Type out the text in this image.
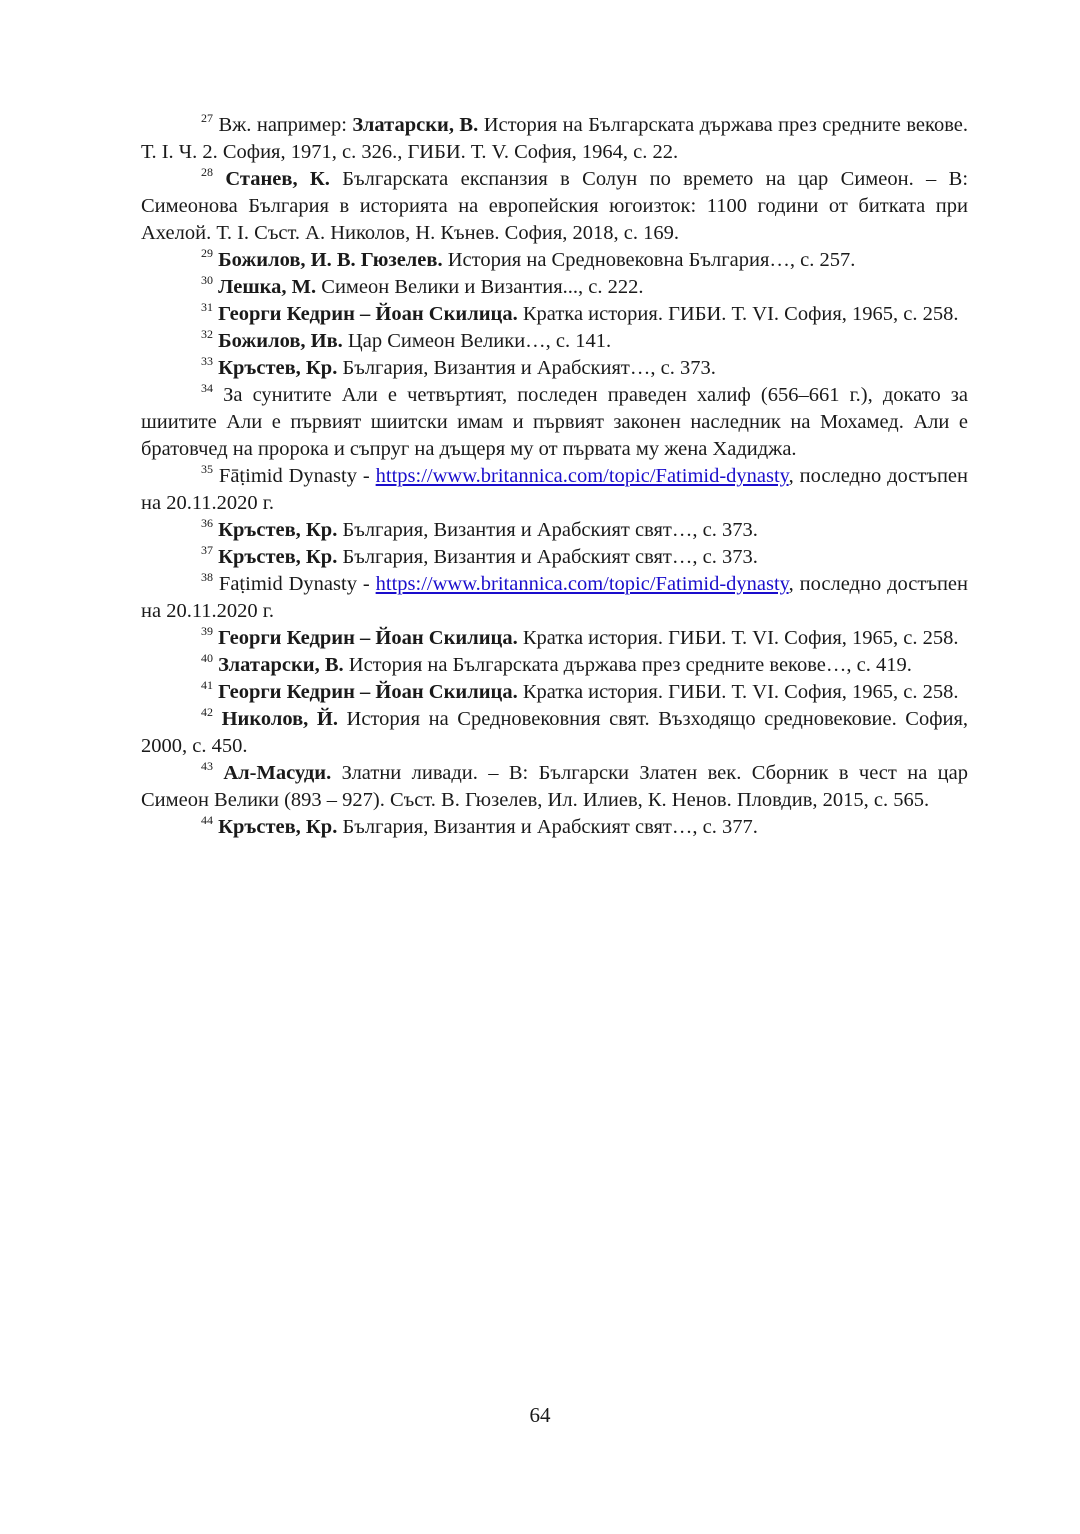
$^{27}$ Вж. например: Златарски, В. История на Българската държава през средните векове. Т. І. Ч. 2. София, 1971, с. 326., ГИБИ. Т. V. София, 1964, с. 22.

$^{28}$ Станев, К. Българската експанзия в Солун по времето на цар Симеон. – В: Симеонова България в историята на европейския югоизток: 1100 години от битката при Ахелой. Т. I. Съст. А. Николов, Н. Кънев. София, 2018, с. 169.

$^{29}$ Божилов, И. В. Гюзелев. История на Средновековна България…, с. 257.

$^{30}$ Лешка, М. Симеон Велики и Византия..., с. 222.

$^{31}$ Георги Кедрин – Йоан Скилица. Кратка история. ГИБИ. Т. VI. София, 1965, с. 258.

$^{32}$ Божилов, Ив. Цар Симеон Велики…, с. 141.

$^{33}$ Кръстев, Кр. България, Византия и Арабският…, с. 373.

$^{34}$ За сунитите Али е четвъртият, последен праведен халиф (656–661 г.), докато за шиитите Али е първият шиитски имам и първият законен наследник на Мохамед. Али е братовчед на пророка и съпруг на дъщеря му от първата му жена Хадиджа.

$^{35}$ Fāṭimid Dynasty - https://www.britannica.com/topic/Fatimid-dynasty, последно достъпен на 20.11.2020 г.

$^{36}$ Кръстев, Кр. България, Византия и Арабският свят…, с. 373.

$^{37}$ Кръстев, Кр. България, Византия и Арабският свят…, с. 373.

$^{38}$ Faṭimid Dynasty - https://www.britannica.com/topic/Fatimid-dynasty, последно достъпен на 20.11.2020 г.

$^{39}$ Георги Кедрин – Йоан Скилица. Кратка история. ГИБИ. Т. VI. София, 1965, с. 258.

$^{40}$ Златарски, В. История на Българската държава през средните векове…, с. 419.

$^{41}$ Георги Кедрин – Йоан Скилица. Кратка история. ГИБИ. Т. VI. София, 1965, с. 258.

$^{42}$ Николов, Й. История на Средновековния свят. Възходящо средновековие. София, 2000, с. 450.

$^{43}$ Ал-Масуди. Златни ливади. – В: Български Златен век. Сборник в чест на цар Симеон Велики (893 – 927). Съст. В. Гюзелев, Ил. Илиев, К. Ненов. Пловдив, 2015, с. 565.

$^{44}$ Кръстев, Кр. България, Византия и Арабският свят…, с. 377.

64
